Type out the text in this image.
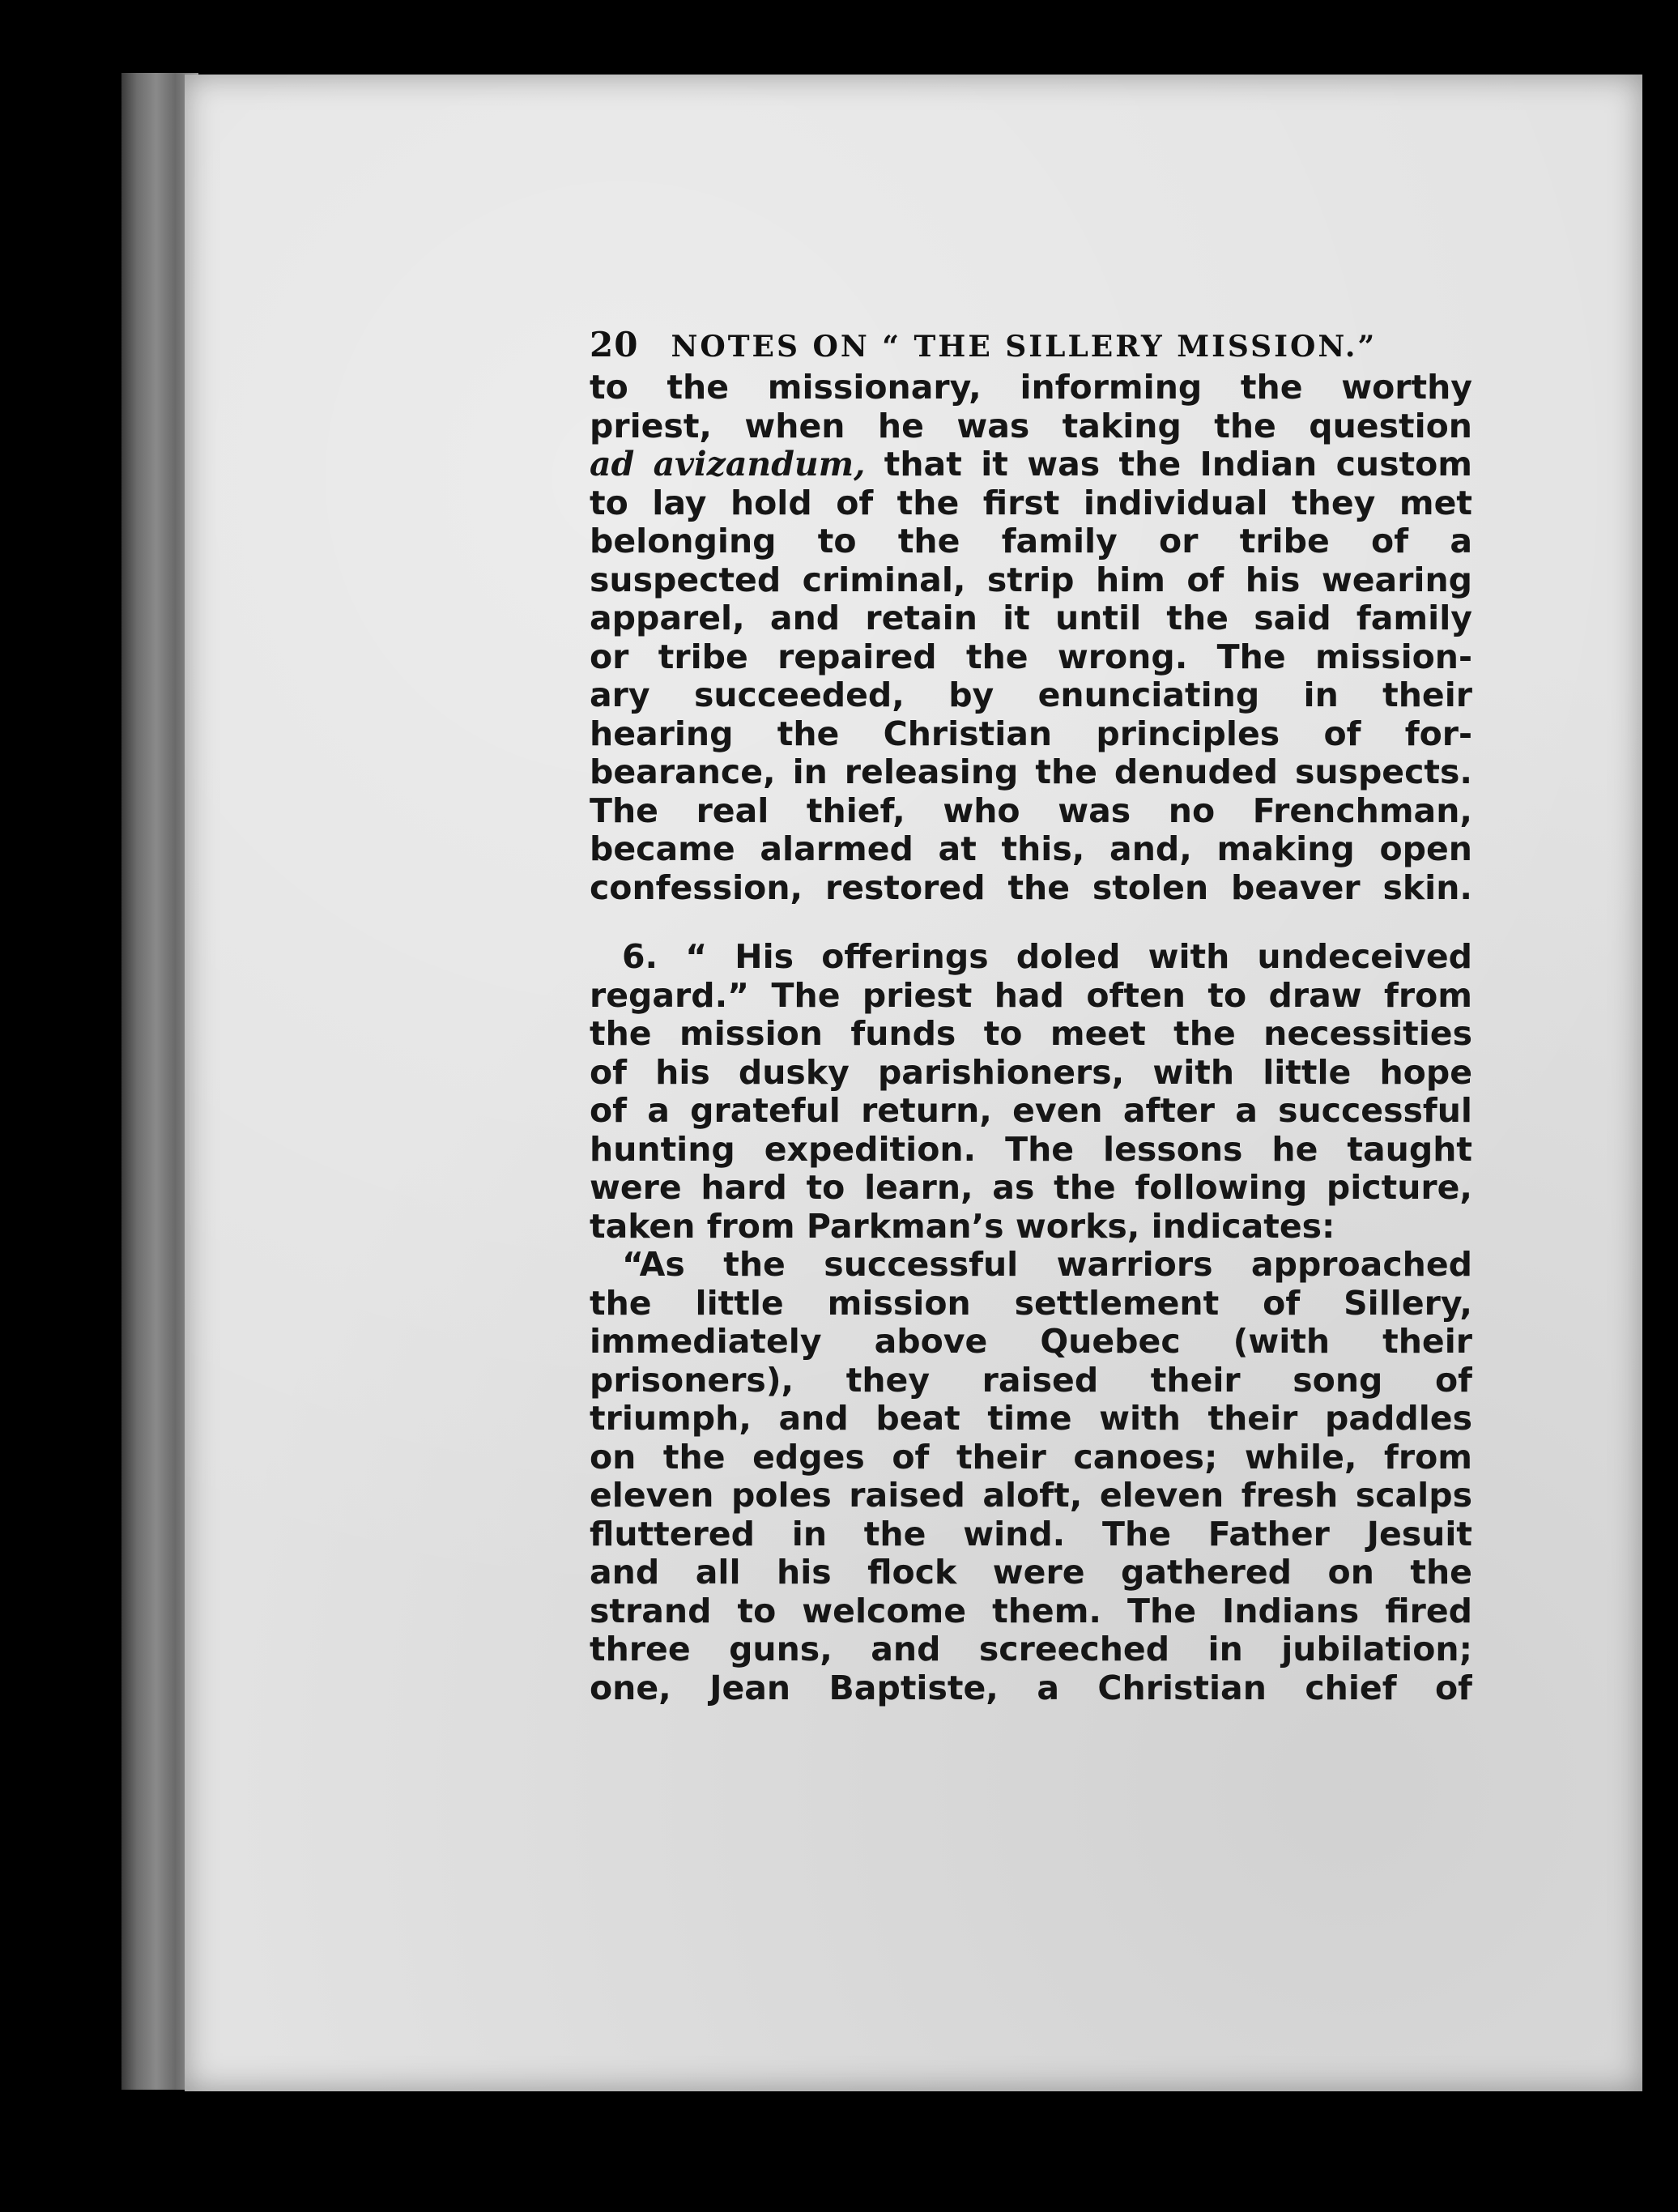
20 NOTES ON “ THE SILLERY MISSION.”
to the missionary, informing the worthy
priest, when he was taking the question
ad avizandum, that it was the Indian custom
to lay hold of the first individual they met
belonging to the family or tribe of a
suspected criminal, strip him of his wearing
apparel, and retain it until the said family
or tribe repaired the wrong. The mission-
ary succeeded, by enunciating in their
hearing the Christian principles of for-
bearance, in releasing the denuded suspects.
The real thief, who was no Frenchman,
became alarmed at this, and, making open
confession, restored the stolen beaver skin.
6. “ His offerings doled with undeceived
regard.” The priest had often to draw from
the mission funds to meet the necessities
of his dusky parishioners, with little hope
of a grateful return, even after a successful
hunting expedition. The lessons he taught
were hard to learn, as the following picture,
taken from Parkman’s works, indicates:
“As the successful warriors approached
the little mission settlement of Sillery,
immediately above Quebec (with their
prisoners), they raised their song of
triumph, and beat time with their paddles
on the edges of their canoes; while, from
eleven poles raised aloft, eleven fresh scalps
fluttered in the wind. The Father Jesuit
and all his flock were gathered on the
strand to welcome them. The Indians fired
three guns, and screeched in jubilation;
one, Jean Baptiste, a Christian chief of
